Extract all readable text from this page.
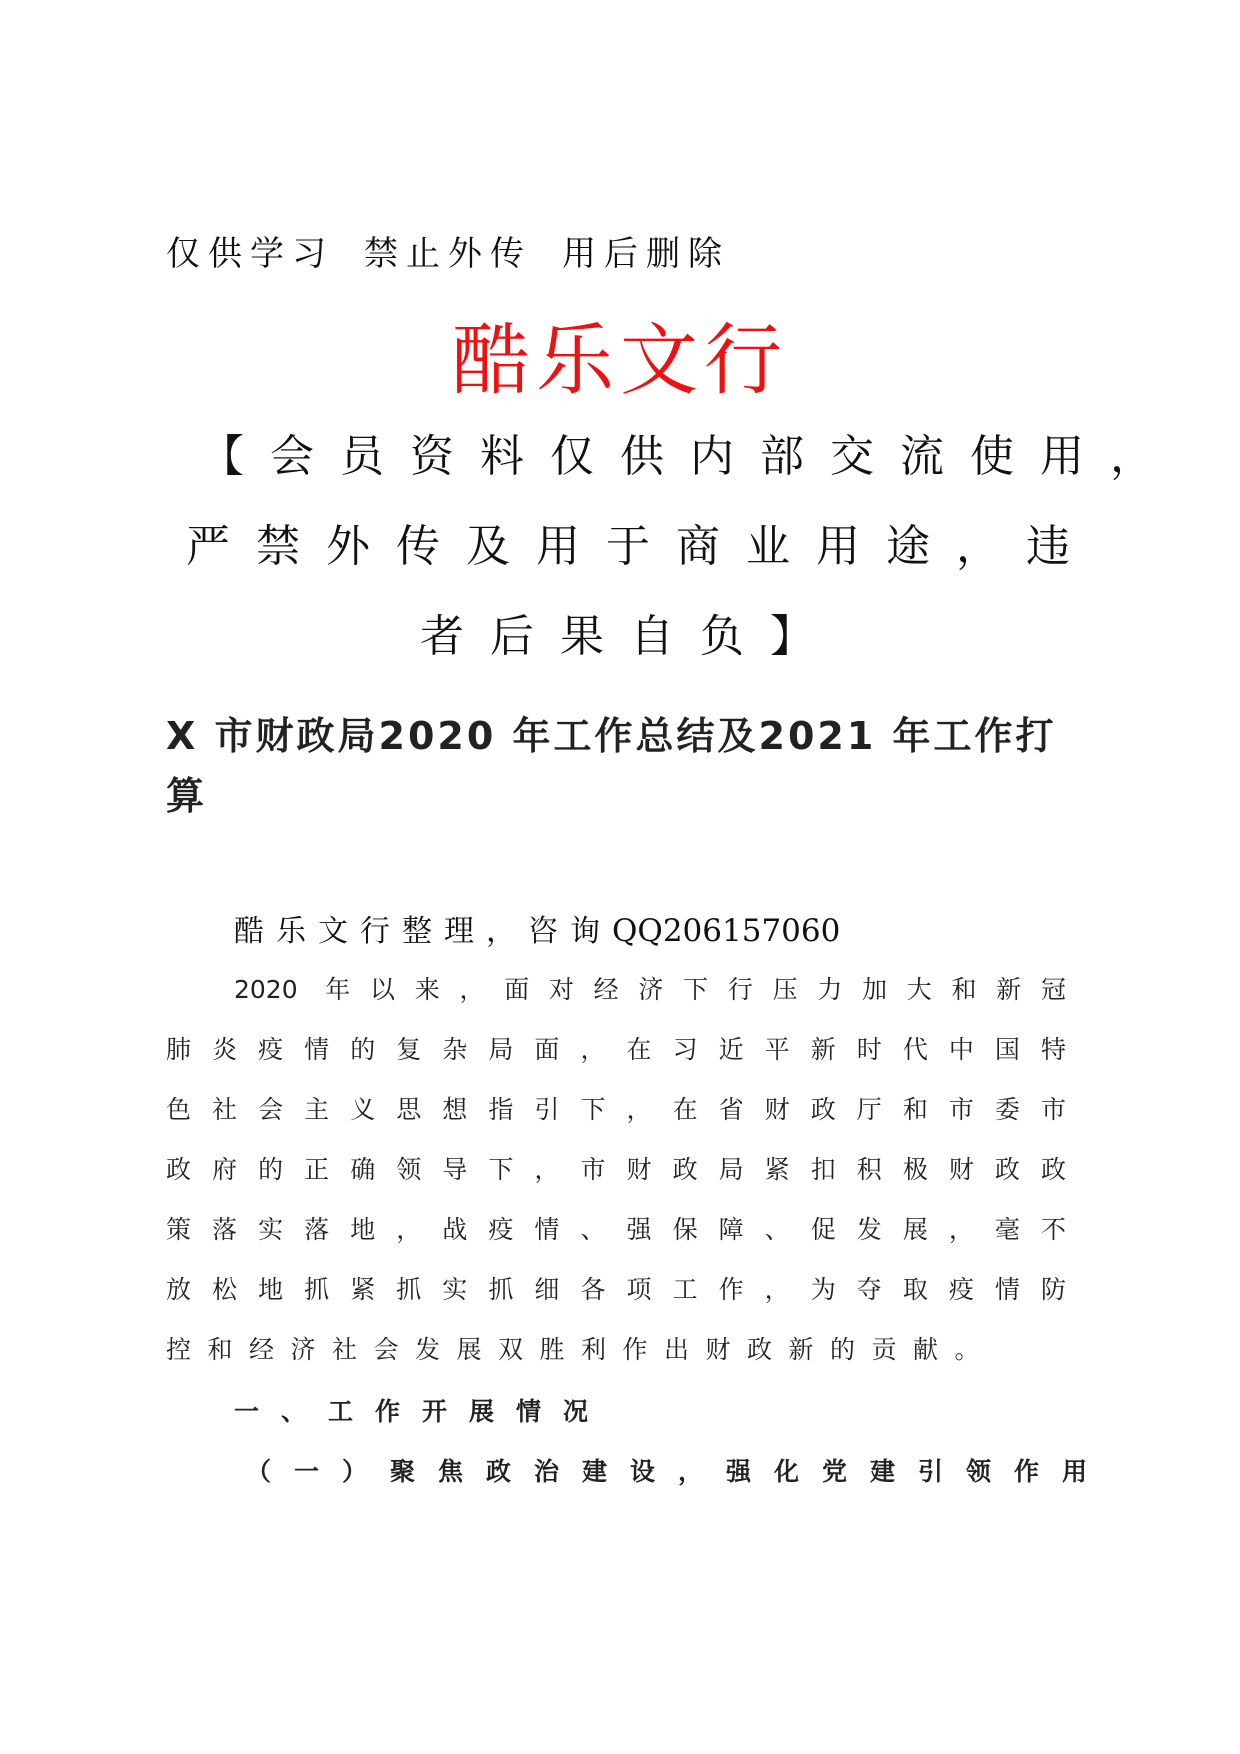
仅供学习 禁止外传 用后删除
酷乐文行
【会员资料仅供内部交流使用，
严禁外传及用于商业用途，违
者后果自负】
X 市财政局2020 年工作总结及2021 年工作打算
酷乐文行整理，咨询QQ206157060
2020 年以来，面对经济下行压力加大和新冠
肺炎疫情的复杂局面，在习近平新时代中国特
色社会主义思想指引下，在省财政厅和市委市
政府的正确领导下，市财政局紧扣积极财政政
策落实落地，战疫情、强保障、促发展，毫不
放松地抓紧抓实抓细各项工作，为夺取疫情防
控和经济社会发展双胜利作出财政新的贡献。
一、工作开展情况
（一）聚焦政治建设，强化党建引领作用
